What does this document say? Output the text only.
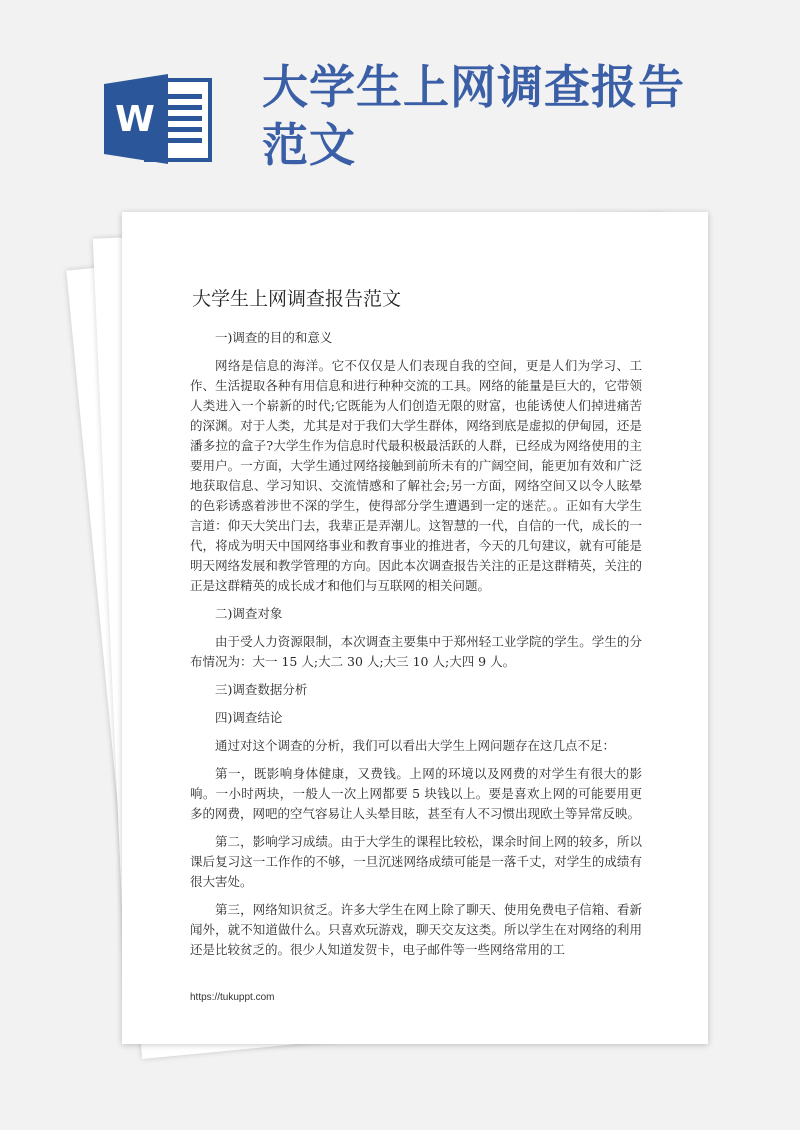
W
大学生上网调查报告范文
大学生上网调查报告范文

一)调查的目的和意义

网络是信息的海洋。它不仅仅是人们表现自我的空间，更是人们为学习、工作、生活提取各种有用信息和进行种种交流的工具。网络的能量是巨大的，它带领人类进入一个崭新的时代;它既能为人们创造无限的财富，也能诱使人们掉进痛苦的深渊。对于人类，尤其是对于我们大学生群体，网络到底是虚拟的伊甸园，还是潘多拉的盒子?大学生作为信息时代最积极最活跃的人群，已经成为网络使用的主要用户。一方面，大学生通过网络接触到前所未有的广阔空间，能更加有效和广泛地获取信息、学习知识、交流情感和了解社会;另一方面，网络空间又以令人眩晕的色彩诱惑着涉世不深的学生，使得部分学生遭遇到一定的迷茫。。正如有大学生言道：仰天大笑出门去，我辈正是弄潮儿。这智慧的一代，自信的一代，成长的一代，将成为明天中国网络事业和教育事业的推进者，今天的几句建议，就有可能是明天网络发展和教学管理的方向。因此本次调查报告关注的正是这群精英，关注的正是这群精英的成长成才和他们与互联网的相关问题。

二)调查对象

由于受人力资源限制，本次调查主要集中于郑州轻工业学院的学生。学生的分布情况为：大一 15 人;大二 30 人;大三 10 人;大四 9 人。

三)调查数据分析

四)调查结论

通过对这个调查的分析，我们可以看出大学生上网问题存在这几点不足：

第一，既影响身体健康，又费钱。上网的环境以及网费的对学生有很大的影响。一小时两块，一般人一次上网都要 5 块钱以上。要是喜欢上网的可能要用更多的网费，网吧的空气容易让人头晕目眩，甚至有人不习惯出现欧土等异常反映。

第二，影响学习成绩。由于大学生的课程比较松，课余时间上网的较多，所以课后复习这一工作作的不够，一旦沉迷网络成绩可能是一落千丈，对学生的成绩有很大害处。

第三，网络知识贫乏。许多大学生在网上除了聊天、使用免费电子信箱、看新闻外，就不知道做什么。只喜欢玩游戏，聊天交友这类。所以学生在对网络的利用还是比较贫乏的。很少人知道发贺卡，电子邮件等一些网络常用的工

https://tukuppt.com
